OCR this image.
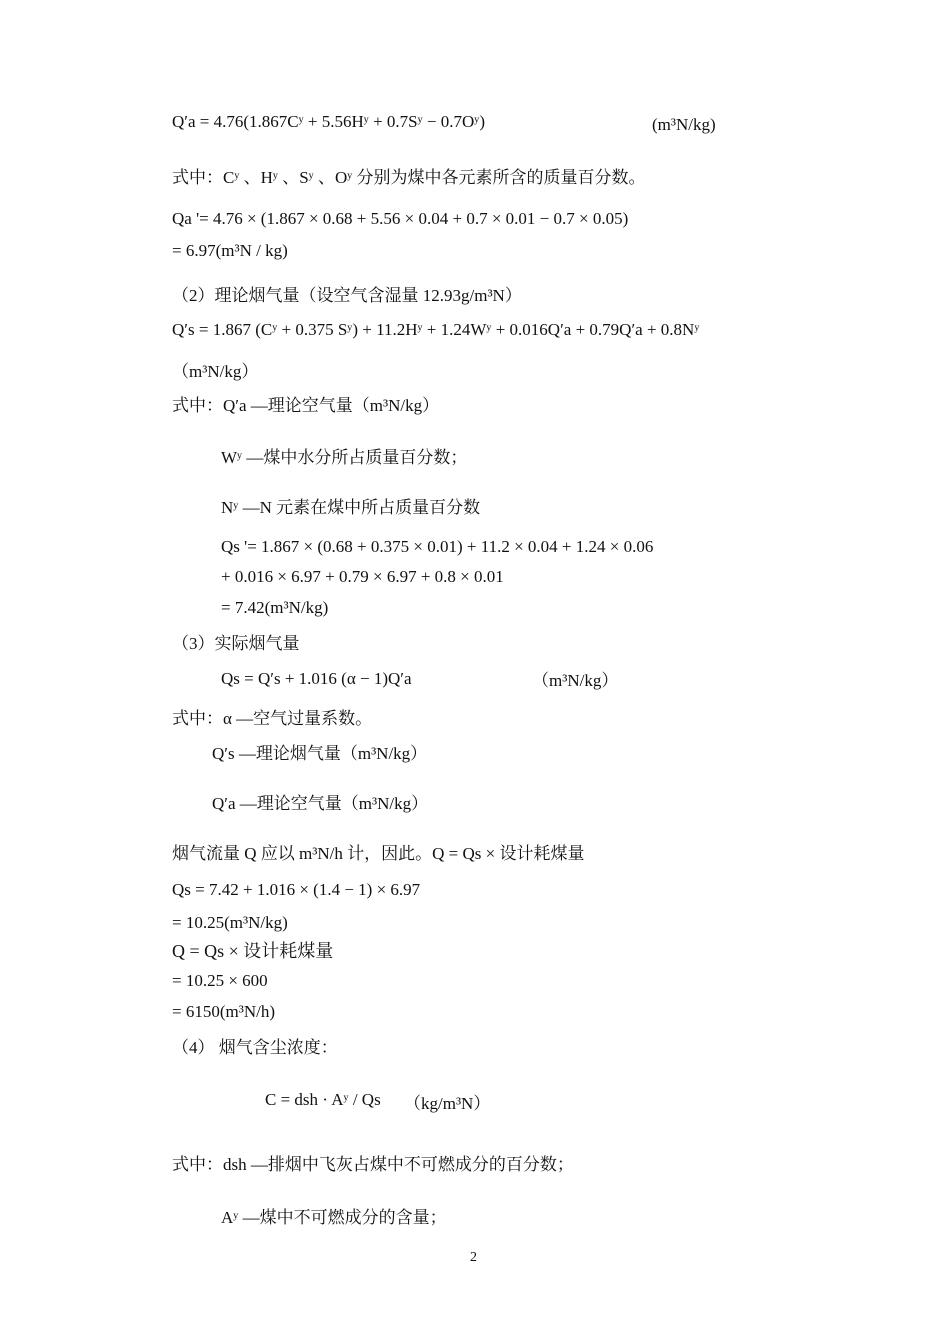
Q′a = 4.76(1.867Cʸ + 5.56Hʸ + 0.7Sʸ − 0.7Oʸ)	(m³N/kg)
式中：Cʸ 、Hʸ 、Sʸ 、Oʸ 分别为煤中各元素所含的质量百分数。
Qa '= 4.76 × (1.867 × 0.68 + 5.56 × 0.04 + 0.7 × 0.01 − 0.7 × 0.05)
= 6.97(m³N / kg)
（2）理论烟气量（设空气含湿量 12.93g/m³N）
Q′s = 1.867 (Cʸ + 0.375 Sʸ) + 11.2Hʸ + 1.24Wʸ + 0.016Q′a + 0.79Q′a + 0.8Nʸ
（m³N/kg）
式中：Q′a —理论空气量（m³N/kg）
Wʸ —煤中水分所占质量百分数；
Nʸ —N 元素在煤中所占质量百分数
Qs '= 1.867 × (0.68 + 0.375 × 0.01) + 11.2 × 0.04 + 1.24 × 0.06
+ 0.016 × 6.97 + 0.79 × 6.97 + 0.8 × 0.01
= 7.42(m³N/kg)
（3）实际烟气量
Qs = Q′s + 1.016 (α − 1)Q′a	（m³N/kg）
式中：α —空气过量系数。
Q′s —理论烟气量（m³N/kg）
Q′a —理论空气量（m³N/kg）
烟气流量 Q 应以 m³N/h 计，因此。Q = Qs × 设计耗煤量
Qs = 7.42 + 1.016 × (1.4 − 1) × 6.97
= 10.25(m³N/kg)
Q = Qs × 设计耗煤量
= 10.25 × 600
= 6150(m³N/h)
（4） 烟气含尘浓度：
C = dsh · Aʸ / Qs （kg/m³N）
式中：dsh —排烟中飞灰占煤中不可燃成分的百分数；
Aʸ —煤中不可燃成分的含量；
2
